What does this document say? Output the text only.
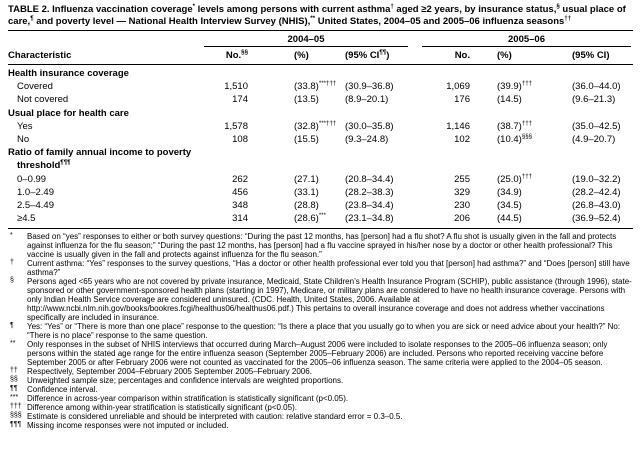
TABLE 2. Influenza vaccination coverage* levels among persons with current asthma† aged ≥2 years, by insurance status,§ usual place of care,¶ and poverty level — National Health Interview Survey (NHIS),** United States, 2004–05 and 2005–06 influenza seasons††
2004–05	2005–06
Characteristic	No.§§	(%)	(95% CI¶¶)	No.	(%)	(95% CI)
Health insurance coverage
Covered	1,510	(33.8)***††† (30.9–36.8)	1,069	(39.9)†††	(36.0–44.0)
Not covered	174	(13.5)	(8.9–20.1)	176	(14.5)	(9.6–21.3)
Usual place for health care
Yes	1,578	(32.8)***††† (30.0–35.8)	1,146	(38.7)†††	(35.0–42.5)
No	108	(15.5)	(9.3–24.8)	102	(10.4)§§§	(4.9–20.7)
Ratio of family annual income to poverty threshold¶¶¶
0–0.99	262	(27.1)	(20.8–34.4)	255	(25.0)†††	(19.0–32.2)
1.0–2.49	456	(33.1)	(28.2–38.3)	329	(34.9)	(28.2–42.4)
2.5–4.49	348	(28.8)	(23.8–34.4)	230	(34.5)	(26.8–43.0)
≥4.5	314	(28.6)***	(23.1–34.8)	206	(44.5)	(36.9–52.4)
* Based on “yes” responses to either or both survey questions: “During the past 12 months, has [person] had a flu shot? A flu shot is usually given in the fall and protects against influenza for the flu season;” “During the past 12 months, has [person] had a flu vaccine sprayed in his/her nose by a doctor or other health professional? This vaccine is usually given in the fall and protects against influenza for the flu season.”
† Current asthma: “Yes” responses to the survey questions, “Has a doctor or other health professional ever told you that [person] had asthma?” and “Does [person] still have asthma?”
§ Persons aged <65 years who are not covered by private insurance, Medicaid, State Children’s Health Insurance Program (SCHIP), public assistance (through 1996), state-sponsored or other government-sponsored health plans (starting in 1997), Medicare, or military plans are considered to have no health insurance coverage. Persons with only Indian Health Service coverage are considered uninsured. (CDC. Health, United States, 2006. Available at http://www.ncbi.nlm.nih.gov/books/bookres.fcgi/healthus06/healthus06.pdf.) This pertains to overall insurance coverage and does not address whether vaccinations specifically are included in insurance.
¶ Yes: “Yes” or “There is more than one place” response to the question: “Is there a place that you usually go to when you are sick or need advice about your health?” No: “There is no place” response to the same question.
** Only responses in the subset of NHIS interviews that occurred during March–August 2006 were included to isolate responses to the 2005–06 influenza season; only persons within the stated age range for the entire influenza season (September 2005–February 2006) are included. Persons who reported receiving vaccine before September 2005 or after February 2006 were not counted as vaccinated for the 2005–06 influenza season. The same criteria were applied to the 2004–05 season.
†† Respectively, September 2004–February 2005 September 2005–February 2006.
§§ Unweighted sample size; percentages and confidence intervals are weighted proportions.
¶¶ Confidence interval.
*** Difference in across-year comparison within stratification is statistically significant (p<0.05).
††† Difference among within-year stratification is statistically significant (p<0.05).
§§§ Estimate is considered unreliable and should be interpreted with caution: relative standard error = 0.3–0.5.
¶¶¶ Missing income responses were not imputed or included.
